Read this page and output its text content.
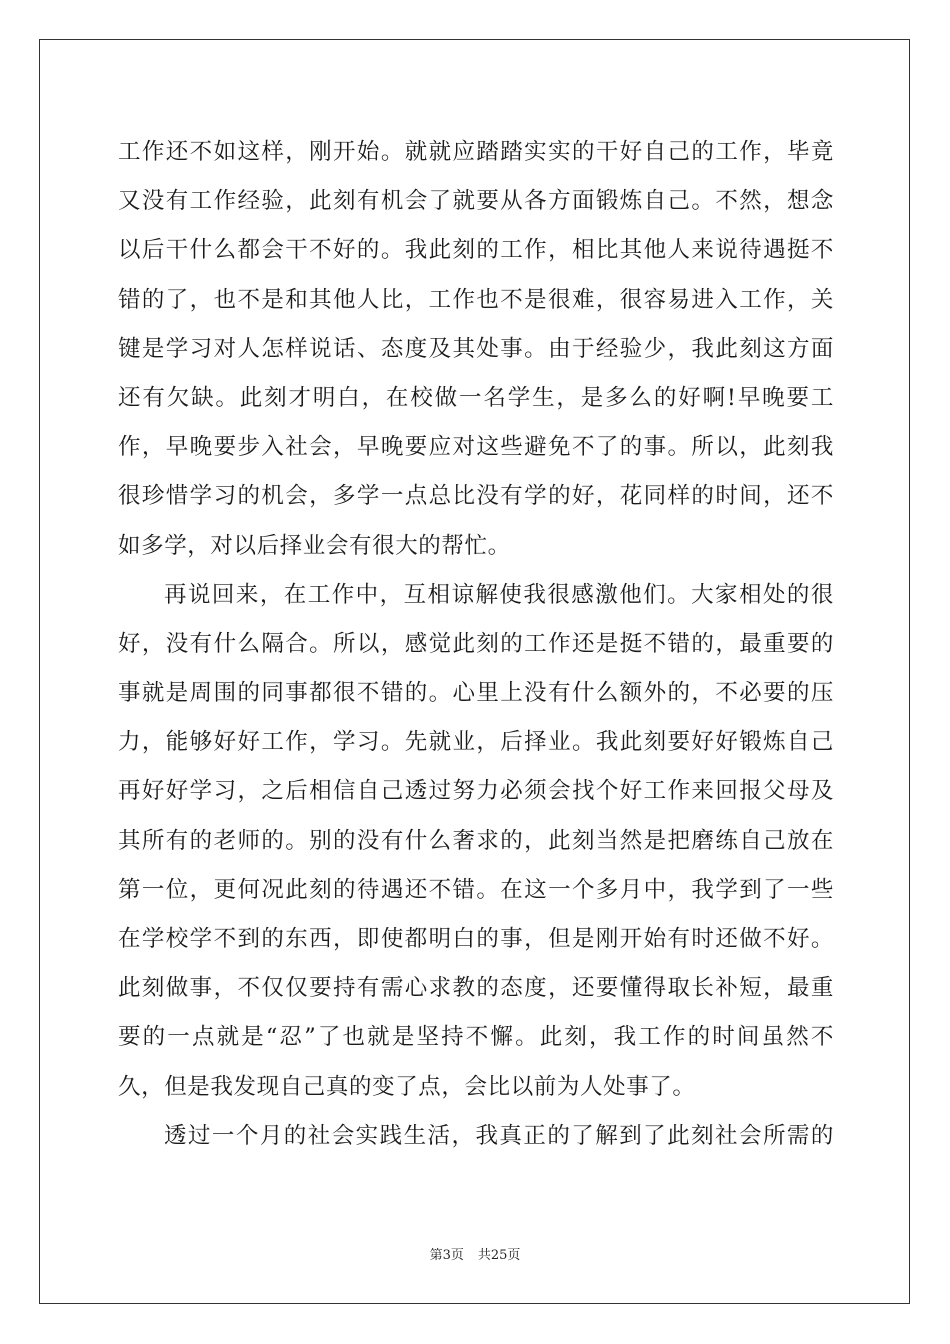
工作还不如这样，刚开始。就就应踏踏实实的干好自己的工作，毕竟
又没有工作经验，此刻有机会了就要从各方面锻炼自己。不然，想念
以后干什么都会干不好的。我此刻的工作，相比其他人来说待遇挺不
错的了，也不是和其他人比，工作也不是很难，很容易进入工作，关
键是学习对人怎样说话、态度及其处事。由于经验少，我此刻这方面
还有欠缺。此刻才明白，在校做一名学生，是多么的好啊!早晚要工
作，早晚要步入社会，早晚要应对这些避免不了的事。所以，此刻我
很珍惜学习的机会，多学一点总比没有学的好，花同样的时间，还不
如多学，对以后择业会有很大的帮忙。
再说回来，在工作中，互相谅解使我很感激他们。大家相处的很
好，没有什么隔合。所以，感觉此刻的工作还是挺不错的，最重要的
事就是周围的同事都很不错的。心里上没有什么额外的，不必要的压
力，能够好好工作，学习。先就业，后择业。我此刻要好好锻炼自己
再好好学习，之后相信自己透过努力必须会找个好工作来回报父母及
其所有的老师的。别的没有什么奢求的，此刻当然是把磨练自己放在
第一位，更何况此刻的待遇还不错。在这一个多月中，我学到了一些
在学校学不到的东西，即使都明白的事，但是刚开始有时还做不好。
此刻做事，不仅仅要持有需心求教的态度，还要懂得取长补短，最重
要的一点就是“忍”了也就是坚持不懈。此刻，我工作的时间虽然不
久，但是我发现自己真的变了点，会比以前为人处事了。
透过一个月的社会实践生活，我真正的了解到了此刻社会所需的
第3页 共25页
